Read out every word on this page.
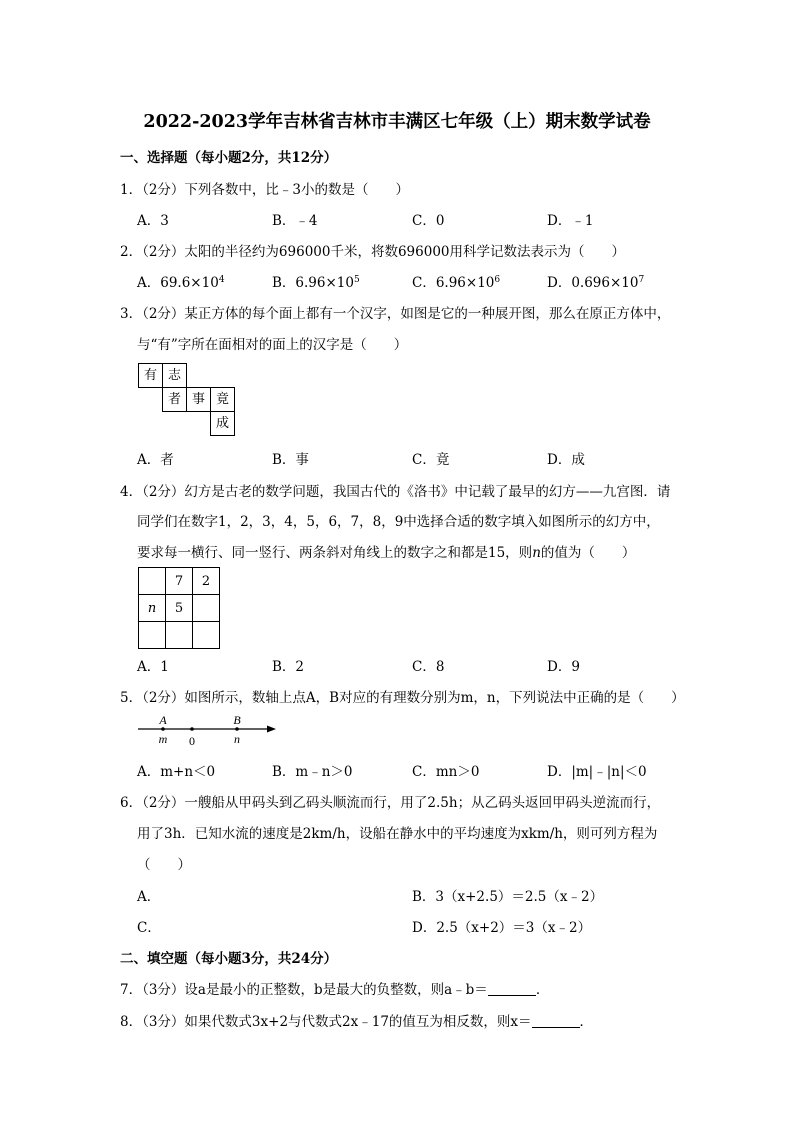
2022-2023学年吉林省吉林市丰满区七年级（上）期末数学试卷
一、选择题（每小题2分，共12分）
1．（2分）下列各数中，比﹣3小的数是（　　）
A．3	B．﹣4	C．0	D．﹣1
2．（2分）太阳的半径约为696000千米，将数696000用科学记数法表示为（　　）
A．$69.6\times 10^4$	B．$6.96\times 10^5$	C．$6.96\times 10^6$	D．$0.696\times 10^7$
3．（2分）某正方体的每个面上都有一个汉字，如图是它的一种展开图，那么在原正方体中，
与“有”字所在面相对的面上的汉字是（　　）
有 志
者 事 竟
成
A．者	B．事	C．竟	D．成
4．（2分）幻方是古老的数学问题，我国古代的《洛书》中记载了最早的幻方——九宫图．请
同学们在数字1，2，3，4，5，6，7，8，9中选择合适的数字填入如图所示的幻方中，
要求每一横行、同一竖行、两条斜对角线上的数字之和都是15，则n的值为（　　）
	7	2
n	5	

A．1	B．2	C．8	D．9
5．（2分）如图所示，数轴上点A，B对应的有理数分别为m，n，下列说法中正确的是（　　）
A	B
m 0	n
A．m+n＜0	B．m﹣n＞0	C．mn＞0	D．|m|﹣|n|＜0
6．（2分）一艘船从甲码头到乙码头顺流而行，用了2.5h；从乙码头返回甲码头逆流而行，
用了3h．已知水流的速度是2km/h，设船在静水中的平均速度为xkm/h，则可列方程为
（　　）
A．	B．3（x+2.5）＝2.5（x﹣2）
C．	D．2.5（x+2）＝3（x﹣2）
二、填空题（每小题3分，共24分）
7．（3分）设a是最小的正整数，b是最大的负整数，则a﹣b＝	．
8．（3分）如果代数式3x+2与代数式2x﹣17的值互为相反数，则x＝	．
